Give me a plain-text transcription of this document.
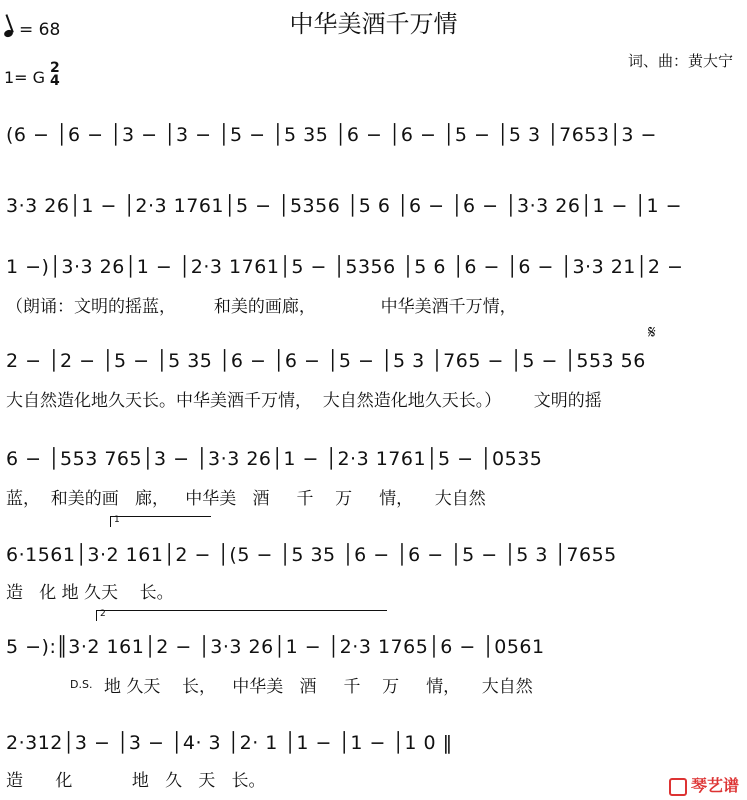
中华美酒千万情
= 68
1= G 2
4
词、曲：黄大宁
(6 − │6 − │3 − │3 − │5 − │5 35 │6 − │6 − │5 − │5 3 │7653│3 −
3·3 26│1 − │2·3 1761│5 − │5356 │5 6 │6 − │6 − │3·3 26│1 − │1 −
1 −)│3·3 26│1 − │2·3 1761│5 − │5356 │5 6 │6 − │6 − │3·3 21│2 −
（朗诵：文明的摇蓝，       和美的画廊，            中华美酒千万情，
𝄋
2 − │2 − │5 − │5 35 │6 − │6 − │5 − │5 3 │765 − │5 − │553 56
大自然造化地久天长。中华美酒千万情，  大自然造化地久天长。）      文明的摇
6 − │553 765│3 − │3·3 26│1 − │2·3 1761│5 − │0535
蓝，  和美的画   廊，   中华美   酒     千    万     情，    大自然
1
6·1561│3·2 161│2 − │(5 − │5 35 │6 − │6 − │5 − │5 3 │7655
造   化 地 久天    长。
2
5 −):║3·2 161│2 − │3·3 26│1 − │2·3 1765│6 − │0561
D.S. 地 久天    长，   中华美   酒     千    万     情，    大自然
2·312│3 − │3 − │4· 3 │2· 1 │1 − │1 − │1 0 ‖
造      化           地   久   天   长。	琴艺谱
